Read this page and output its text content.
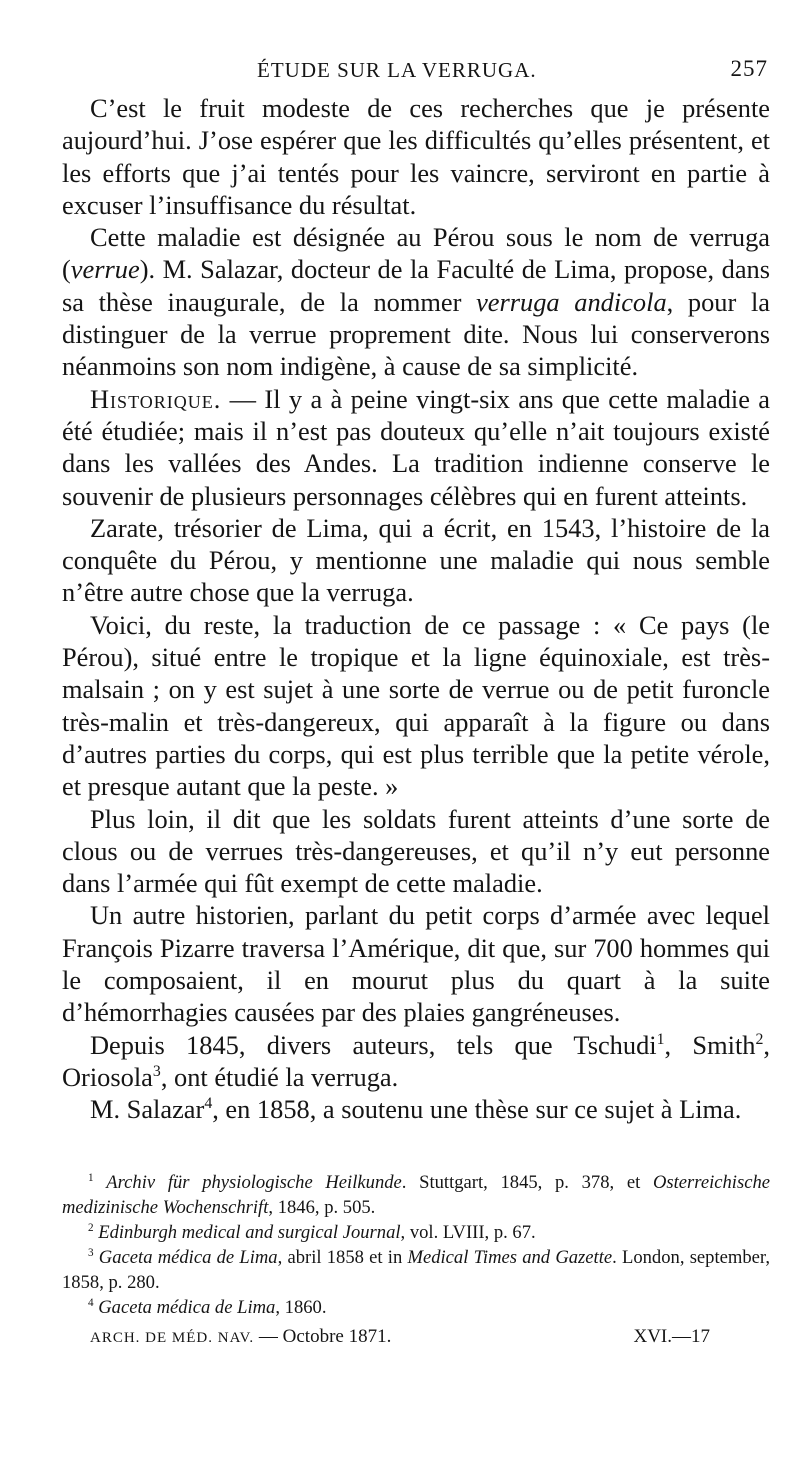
ÉTUDE SUR LA VERRUGA.	257

C’est le fruit modeste de ces recherches que je présente aujourd’hui. J’ose espérer que les difficultés qu’elles présentent, et les efforts que j’ai tentés pour les vaincre, serviront en partie à excuser l’insuffisance du résultat.

Cette maladie est désignée au Pérou sous le nom de verruga (verrue). M. Salazar, docteur de la Faculté de Lima, propose, dans sa thèse inaugurale, de la nommer verruga andicola, pour la distinguer de la verrue proprement dite. Nous lui conserverons néanmoins son nom indigène, à cause de sa simplicité.

Historique. — Il y a à peine vingt-six ans que cette maladie a été étudiée; mais il n’est pas douteux qu’elle n’ait toujours existé dans les vallées des Andes. La tradition indienne conserve le souvenir de plusieurs personnages célèbres qui en furent atteints.

Zarate, trésorier de Lima, qui a écrit, en 1543, l’histoire de la conquête du Pérou, y mentionne une maladie qui nous semble n’être autre chose que la verruga.

Voici, du reste, la traduction de ce passage : « Ce pays (le Pérou), situé entre le tropique et la ligne équinoxiale, est très-malsain ; on y est sujet à une sorte de verrue ou de petit furoncle très-malin et très-dangereux, qui apparaît à la figure ou dans d’autres parties du corps, qui est plus terrible que la petite vérole, et presque autant que la peste. »

Plus loin, il dit que les soldats furent atteints d’une sorte de clous ou de verrues très-dangereuses, et qu’il n’y eut personne dans l’armée qui fût exempt de cette maladie.

Un autre historien, parlant du petit corps d’armée avec lequel François Pizarre traversa l’Amérique, dit que, sur 700 hommes qui le composaient, il en mourut plus du quart à la suite d’hémorrhagies causées par des plaies gangréneuses.

Depuis 1845, divers auteurs, tels que Tschudi$^1$, Smith$^2$, Oriosola$^3$, ont étudié la verruga.

M. Salazar$^4$, en 1858, a soutenu une thèse sur ce sujet à Lima.

$^1$ Archiv für physiologische Heilkunde. Stuttgart, 1845, p. 378, et Osterreichische medizinische Wochenschrift, 1846, p. 505.

$^2$ Edinburgh medical and surgical Journal, vol. LVIII, p. 67.

$^3$ Gaceta médica de Lima, abril 1858 et in Medical Times and Gazette. London, september, 1858, p. 280.

$^4$ Gaceta médica de Lima, 1860.

ARCH. DE MÉD. NAV. — Octobre 1871.	XVI.—17
